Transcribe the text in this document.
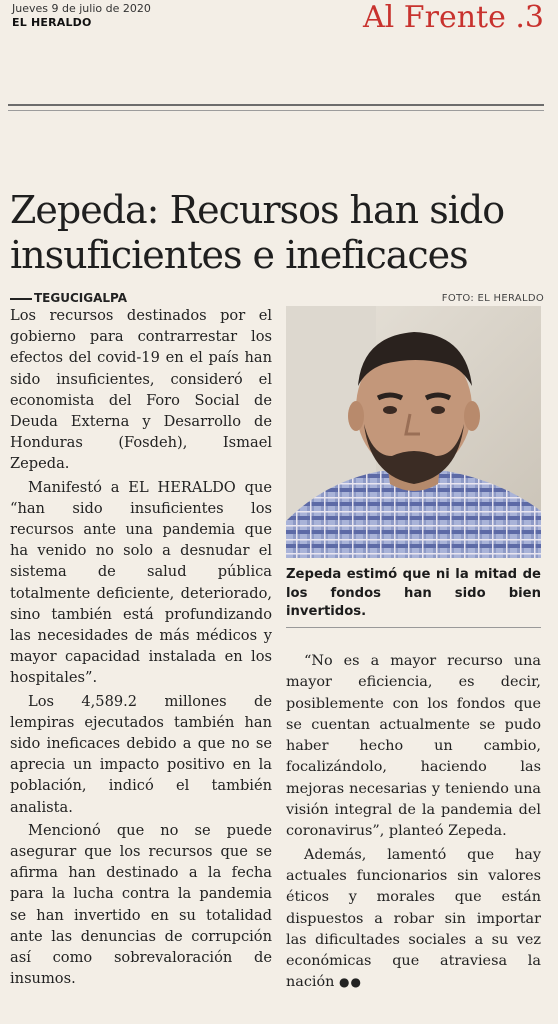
Jueves 9 de julio de 2020
EL HERALDO	Al Frente .3
Zepeda: Recursos han sido insuficientes e ineficaces
TEGUCIGALPA	FOTO: EL HERALDO

Los recursos destinados por el gobierno para contrarrestar los efectos del covid-19 en el país han sido insuficientes, consideró el economista del Foro Social de Deuda Externa y Desarrollo de Honduras (Fosdeh), Ismael Zepeda.

Manifestó a EL HERALDO que “han sido insuficientes los recursos ante una pandemia que ha venido no solo a desnudar el sistema de salud pública totalmente deficiente, deteriorado, sino también está profundizando las necesidades de más médicos y mayor capacidad instalada en los hospitales”.

Los 4,589.2 millones de lempiras ejecutados también han sido ineficaces debido a que no se aprecia un impacto positivo en la población, indicó el también analista.

Mencionó que no se puede asegurar que los recursos que se afirma han destinado a la fecha para la lucha contra la pandemia se han invertido en su totalidad ante las denuncias de corrupción así como sobrevaloración de insumos.

Zepeda estimó que ni la mitad de los fondos han sido bien invertidos.

“No es a mayor recurso una mayor eficiencia, es decir, posiblemente con los fondos que se cuentan actualmente se pudo haber hecho un cambio, focalizándolo, haciendo las mejoras necesarias y teniendo una visión integral de la pandemia del coronavirus”, planteó Zepeda.

Además, lamentó que hay actuales funcionarios sin valores éticos y morales que están dispuestos a robar sin importar las dificultades sociales a su vez económicas que atraviesa la nación ●●
